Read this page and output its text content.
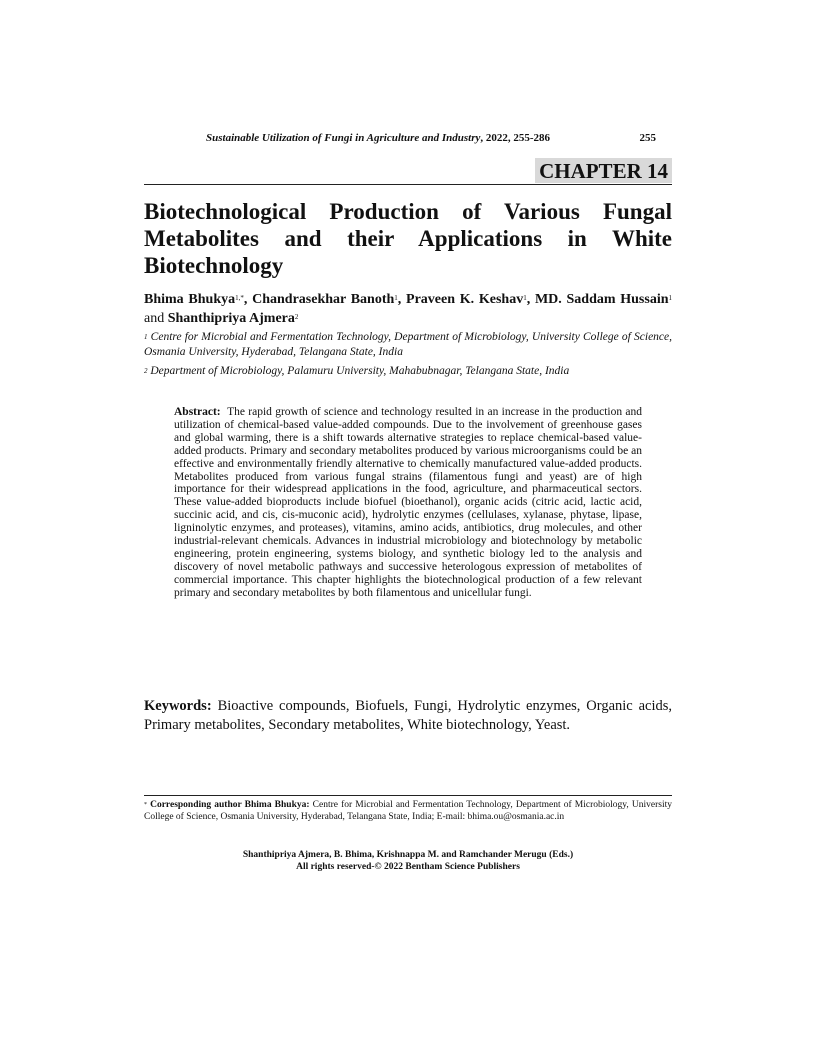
Sustainable Utilization of Fungi in Agriculture and Industry, 2022, 255-286	255
CHAPTER 14
Biotechnological Production of Various Fungal Metabolites and their Applications in White Biotechnology

Bhima Bhukya$^{1,*}$, Chandrasekhar Banoth$^1$, Praveen K. Keshav$^1$, MD. Saddam Hussain$^1$ and Shanthipriya Ajmera$^2$

$^1$ Centre for Microbial and Fermentation Technology, Department of Microbiology, University College of Science, Osmania University, Hyderabad, Telangana State, India

$^2$ Department of Microbiology, Palamuru University, Mahabubnagar, Telangana State, India

Abstract: The rapid growth of science and technology resulted in an increase in the production and utilization of chemical-based value-added compounds. Due to the involvement of greenhouse gases and global warming, there is a shift towards alternative strategies to replace chemical-based value-added products. Primary and secondary metabolites produced by various microorganisms could be an effective and environmentally friendly alternative to chemically manufactured value-added products. Metabolites produced from various fungal strains (filamentous fungi and yeast) are of high importance for their widespread applications in the food, agriculture, and pharmaceutical sectors. These value-added bioproducts include biofuel (bioethanol), organic acids (citric acid, lactic acid, succinic acid, and cis, cis-muconic acid), hydrolytic enzymes (cellulases, xylanase, phytase, lipase, ligninolytic enzymes, and proteases), vitamins, amino acids, antibiotics, drug molecules, and other industrial-relevant chemicals. Advances in industrial microbiology and biotechnology by metabolic engineering, protein engineering, systems biology, and synthetic biology led to the analysis and discovery of novel metabolic pathways and successive heterologous expression of metabolites of commercial importance. This chapter highlights the biotechnological production of a few relevant primary and secondary metabolites by both filamentous and unicellular fungi.

Keywords: Bioactive compounds, Biofuels, Fungi, Hydrolytic enzymes, Organic acids, Primary metabolites, Secondary metabolites, White biotechnology, Yeast.

* Corresponding author Bhima Bhukya: Centre for Microbial and Fermentation Technology, Department of Microbiology, University College of Science, Osmania University, Hyderabad, Telangana State, India; E-mail: bhima.ou@osmania.ac.in

Shanthipriya Ajmera, B. Bhima, Krishnappa M. and Ramchander Merugu (Eds.)
All rights reserved-© 2022 Bentham Science Publishers
